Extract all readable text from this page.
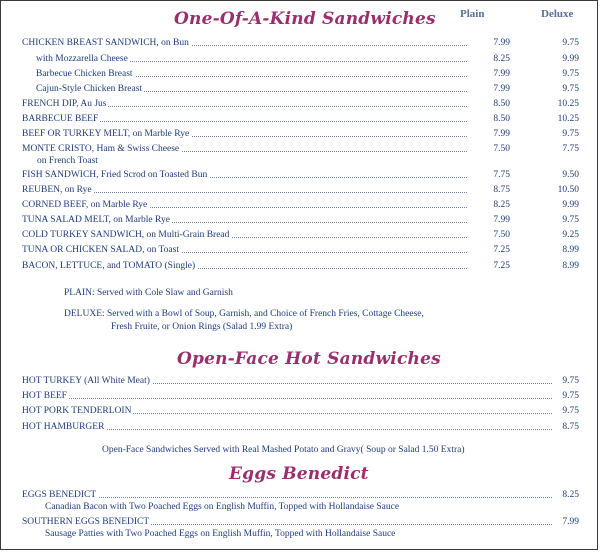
One-Of-A-Kind Sandwiches Plain	Deluxe
CHICKEN BREAST SANDWICH, on Bun	7.99	9.75
with Mozzarella Cheese	8.25	9.99
Barbecue Chicken Breast	7.99	9.75
Cajun-Style Chicken Breast	7.99	9.75
FRENCH DIP, Au Jus	8.50	10.25
BARBECUE BEEF	8.50	10.25
BEEF OR TURKEY MELT, on Marble Rye	7.99	9.75
MONTE CRISTO, Ham & Swiss Cheese	7.50	7.75
on French Toast
FISH SANDWICH, Fried Scrod on Toasted Bun	7.75	9.50
REUBEN, on Rye	8.75	10.50
CORNED BEEF, on Marble Rye	8.25	9.99
TUNA SALAD MELT, on Marble Rye	7.99	9.75
COLD TURKEY SANDWICH, on Multi-Grain Bread	7.50	9.25
TUNA OR CHICKEN SALAD, on Toast	7.25	8.99
BACON, LETTUCE, and TOMATO (Single)	7.25	8.99
PLAIN: Served with Cole Slaw and Garnish
DELUXE: Served with a Bowl of Soup, Garnish, and Choice of French Fries, Cottage Cheese,
Fresh Fruite, or Onion Rings (Salad 1.99 Extra)
Open-Face Hot Sandwiches
HOT TURKEY (All White Meat)	9.75
HOT BEEF	9.75
HOT PORK TENDERLOIN	9.75
HOT HAMBURGER	8.75
Open-Face Sandwiches Served with Real Mashed Potato and Gravy( Soup or Salad 1.50 Extra)
Eggs Benedict
EGGS BENEDICT	8.25
Canadian Bacon with Two Poached Eggs on English Muffin, Topped with Hollandaise Sauce
SOUTHERN EGGS BENEDICT	7.99
Sausage Patties with Two Poached Eggs on English Muffin, Topped with Hollandaise Sauce
